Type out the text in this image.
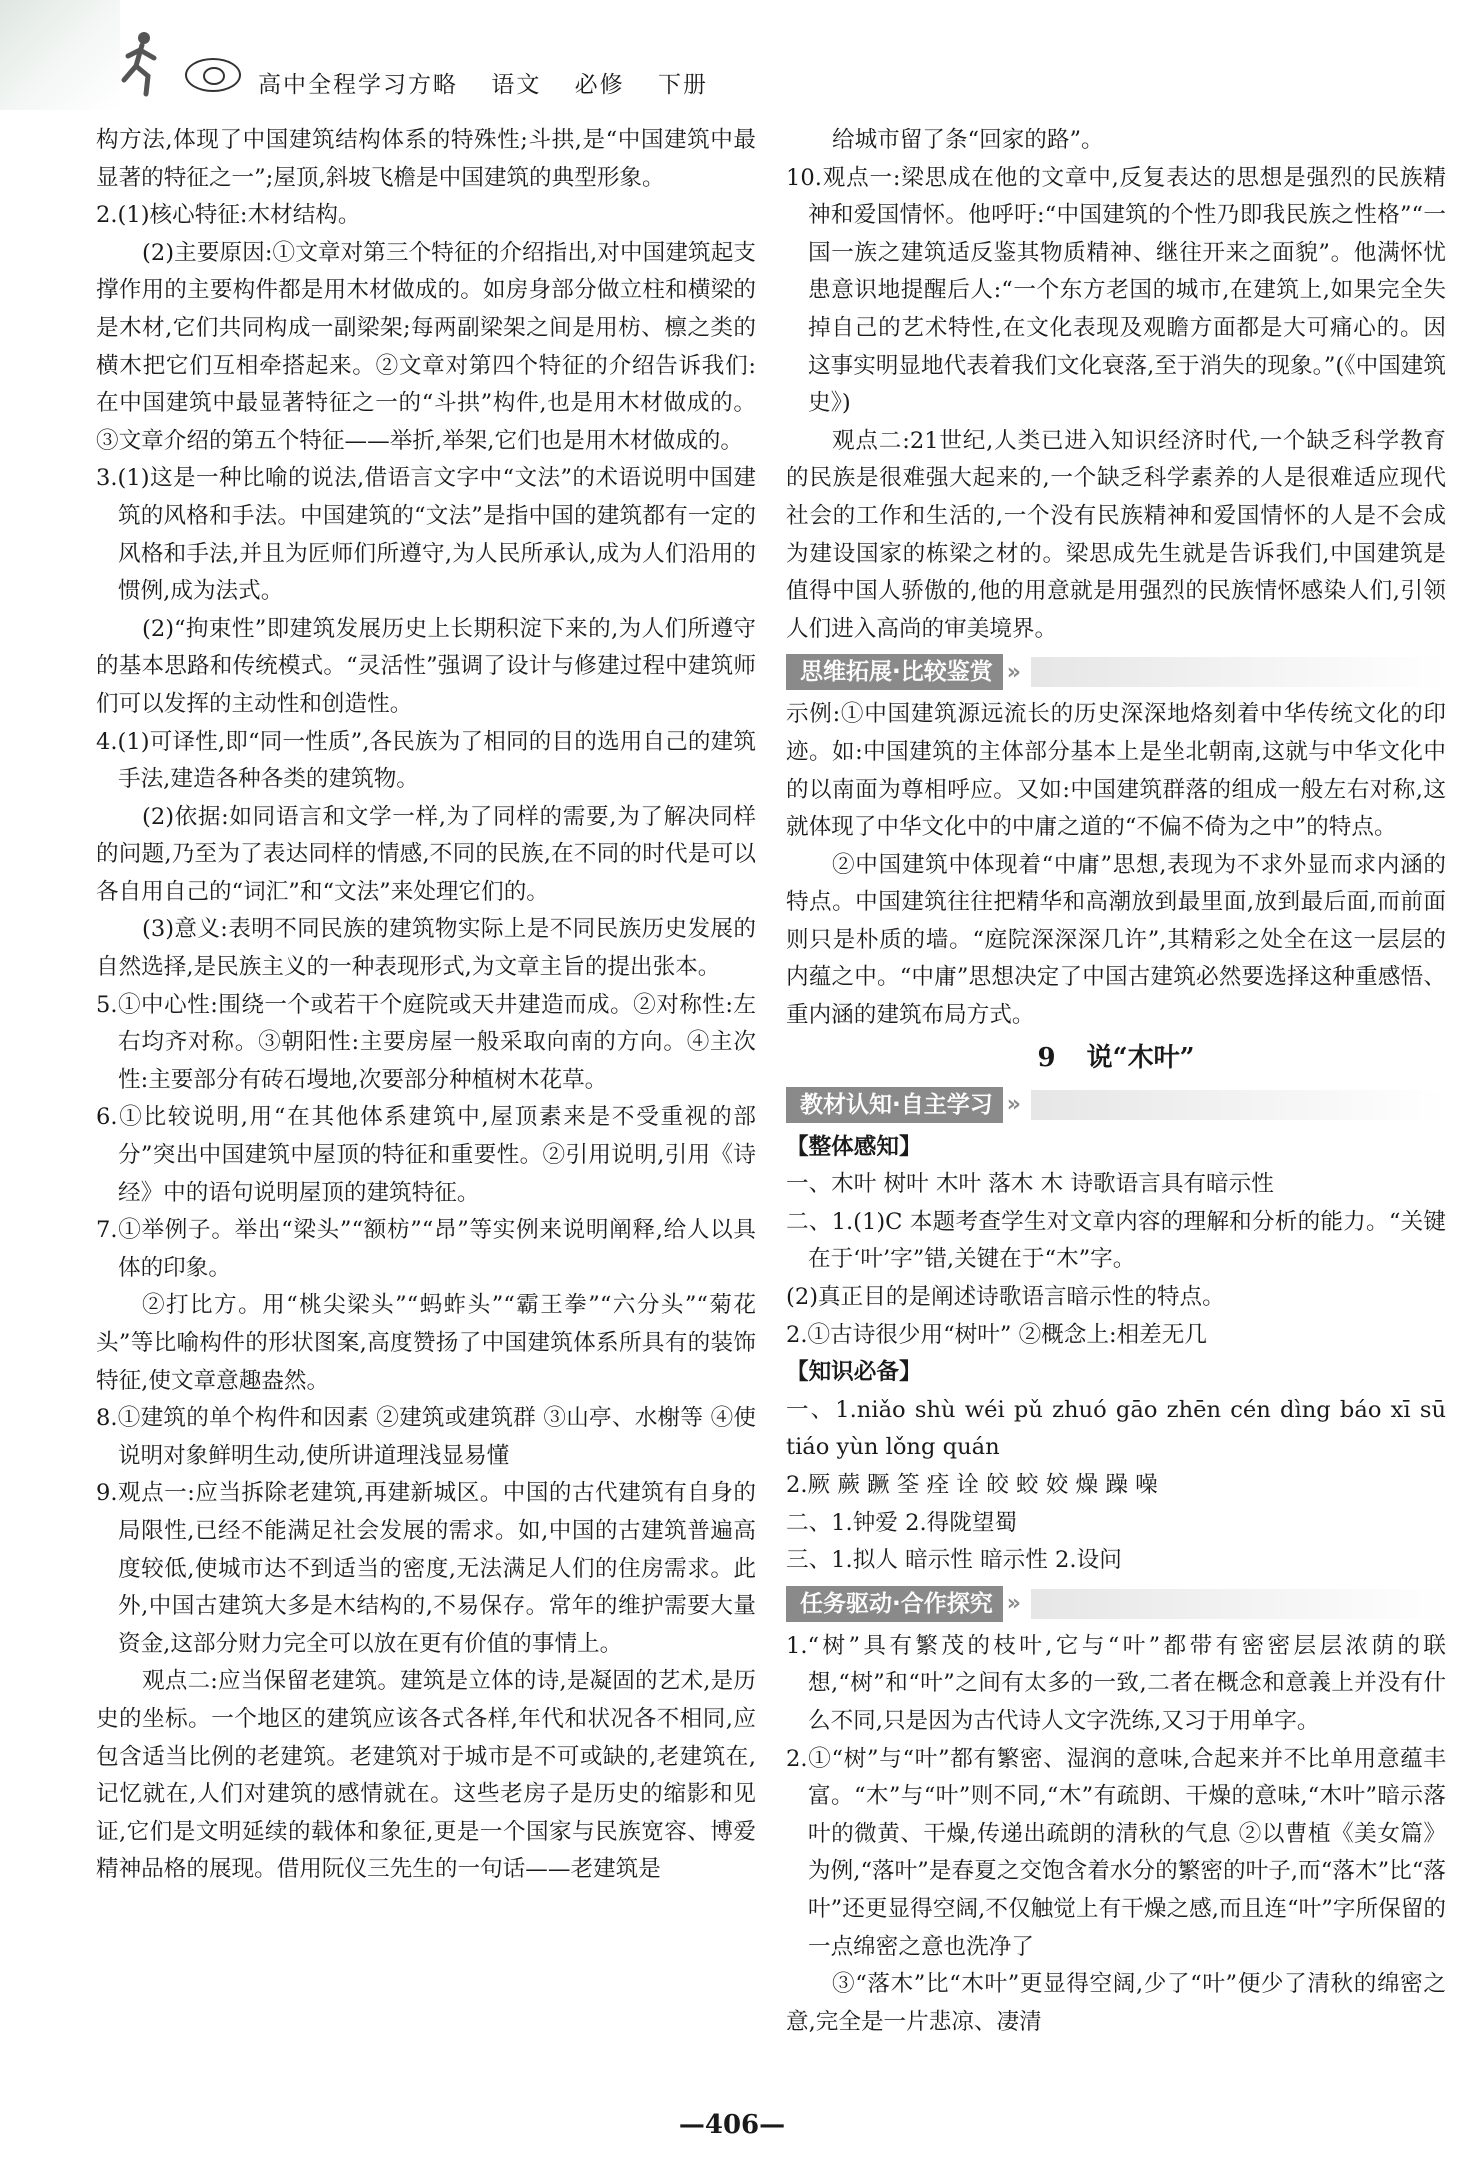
高中全程学习方略 语文 必修 下册

构方法,体现了中国建筑结构体系的特殊性;斗拱,是“中国建筑中最显著的特征之一”;屋顶,斜坡飞檐是中国建筑的典型形象。

2.(1)核心特征:木材结构。

(2)主要原因:①文章对第三个特征的介绍指出,对中国建筑起支撑作用的主要构件都是用木材做成的。如房身部分做立柱和横梁的是木材,它们共同构成一副梁架;每两副梁架之间是用枋、檩之类的横木把它们互相牵搭起来。②文章对第四个特征的介绍告诉我们:在中国建筑中最显著特征之一的“斗拱”构件,也是用木材做成的。③文章介绍的第五个特征——举折,举架,它们也是用木材做成的。

3.(1)这是一种比喻的说法,借语言文字中“文法”的术语说明中国建筑的风格和手法。中国建筑的“文法”是指中国的建筑都有一定的风格和手法,并且为匠师们所遵守,为人民所承认,成为人们沿用的惯例,成为法式。

(2)“拘束性”即建筑发展历史上长期积淀下来的,为人们所遵守的基本思路和传统模式。“灵活性”强调了设计与修建过程中建筑师们可以发挥的主动性和创造性。

4.(1)可译性,即“同一性质”,各民族为了相同的目的选用自己的建筑手法,建造各种各类的建筑物。

(2)依据:如同语言和文学一样,为了同样的需要,为了解决同样的问题,乃至为了表达同样的情感,不同的民族,在不同的时代是可以各自用自己的“词汇”和“文法”来处理它们的。

(3)意义:表明不同民族的建筑物实际上是不同民族历史发展的自然选择,是民族主义的一种表现形式,为文章主旨的提出张本。

5.①中心性:围绕一个或若干个庭院或天井建造而成。②对称性:左右均齐对称。③朝阳性:主要房屋一般采取向南的方向。④主次性:主要部分有砖石墁地,次要部分种植树木花草。

6.①比较说明,用“在其他体系建筑中,屋顶素来是不受重视的部分”突出中国建筑中屋顶的特征和重要性。②引用说明,引用《诗经》中的语句说明屋顶的建筑特征。

7.①举例子。举出“梁头”“额枋”“昂”等实例来说明阐释,给人以具体的印象。

②打比方。用“桃尖梁头”“蚂蚱头”“霸王拳”“六分头”“菊花头”等比喻构件的形状图案,高度赞扬了中国建筑体系所具有的装饰特征,使文章意趣盎然。

8.①建筑的单个构件和因素 ②建筑或建筑群 ③山亭、水榭等 ④使说明对象鲜明生动,使所讲道理浅显易懂

9.观点一:应当拆除老建筑,再建新城区。中国的古代建筑有自身的局限性,已经不能满足社会发展的需求。如,中国的古建筑普遍高度较低,使城市达不到适当的密度,无法满足人们的住房需求。此外,中国古建筑大多是木结构的,不易保存。常年的维护需要大量资金,这部分财力完全可以放在更有价值的事情上。

观点二:应当保留老建筑。建筑是立体的诗,是凝固的艺术,是历史的坐标。一个地区的建筑应该各式各样,年代和状况各不相同,应包含适当比例的老建筑。老建筑对于城市是不可或缺的,老建筑在,记忆就在,人们对建筑的感情就在。这些老房子是历史的缩影和见证,它们是文明延续的载体和象征,更是一个国家与民族宽容、博爱精神品格的展现。借用阮仪三先生的一句话——老建筑是

给城市留了条“回家的路”。

10.观点一:梁思成在他的文章中,反复表达的思想是强烈的民族精神和爱国情怀。他呼吁:“中国建筑的个性乃即我民族之性格”“一国一族之建筑适反鉴其物质精神、继往开来之面貌”。他满怀忧患意识地提醒后人:“一个东方老国的城市,在建筑上,如果完全失掉自己的艺术特性,在文化表现及观瞻方面都是大可痛心的。因这事实明显地代表着我们文化衰落,至于消失的现象。”(《中国建筑史》)

观点二:21世纪,人类已进入知识经济时代,一个缺乏科学教育的民族是很难强大起来的,一个缺乏科学素养的人是很难适应现代社会的工作和生活的,一个没有民族精神和爱国情怀的人是不会成为建设国家的栋梁之材的。梁思成先生就是告诉我们,中国建筑是值得中国人骄傲的,他的用意就是用强烈的民族情怀感染人们,引领人们进入高尚的审美境界。

思维拓展·比较鉴赏 »

示例:①中国建筑源远流长的历史深深地烙刻着中华传统文化的印迹。如:中国建筑的主体部分基本上是坐北朝南,这就与中华文化中的以南面为尊相呼应。又如:中国建筑群落的组成一般左右对称,这就体现了中华文化中的中庸之道的“不偏不倚为之中”的特点。

②中国建筑中体现着“中庸”思想,表现为不求外显而求内涵的特点。中国建筑往往把精华和高潮放到最里面,放到最后面,而前面则只是朴质的墙。“庭院深深深几许”,其精彩之处全在这一层层的内蕴之中。“中庸”思想决定了中国古建筑必然要选择这种重感悟、重内涵的建筑布局方式。

9 说“木叶”
教材认知·自主学习 »

【整体感知】

一、木叶 树叶 木叶 落木 木 诗歌语言具有暗示性

二、1.(1)C 本题考查学生对文章内容的理解和分析的能力。“关键在于‘叶’字”错,关键在于“木”字。

(2)真正目的是阐述诗歌语言暗示性的特点。

2.①古诗很少用“树叶” ②概念上:相差无几

【知识必备】

一、1.niǎo shù wéi pǔ zhuó gāo zhēn cén dìng báo xī sū tiáo yùn lǒng quán

2.厥 蕨 蹶 筌 痊 诠 皎 蛟 姣 燥 躁 噪

二、1.钟爱 2.得陇望蜀

三、1.拟人 暗示性 暗示性 2.设问

任务驱动·合作探究 »

1.“树”具有繁茂的枝叶,它与“叶”都带有密密层层浓荫的联想,“树”和“叶”之间有太多的一致,二者在概念和意義上并没有什么不同,只是因为古代诗人文字洗练,又习于用单字。

2.①“树”与“叶”都有繁密、湿润的意味,合起来并不比单用意蕴丰富。“木”与“叶”则不同,“木”有疏朗、干燥的意味,“木叶”暗示落叶的微黄、干燥,传递出疏朗的清秋的气息 ②以曹植《美女篇》为例,“落叶”是春夏之交饱含着水分的繁密的叶子,而“落木”比“落叶”还更显得空阔,不仅触觉上有干燥之感,而且连“叶”字所保留的一点绵密之意也洗净了

③“落木”比“木叶”更显得空阔,少了“叶”便少了清秋的绵密之意,完全是一片悲凉、凄清

—406—
